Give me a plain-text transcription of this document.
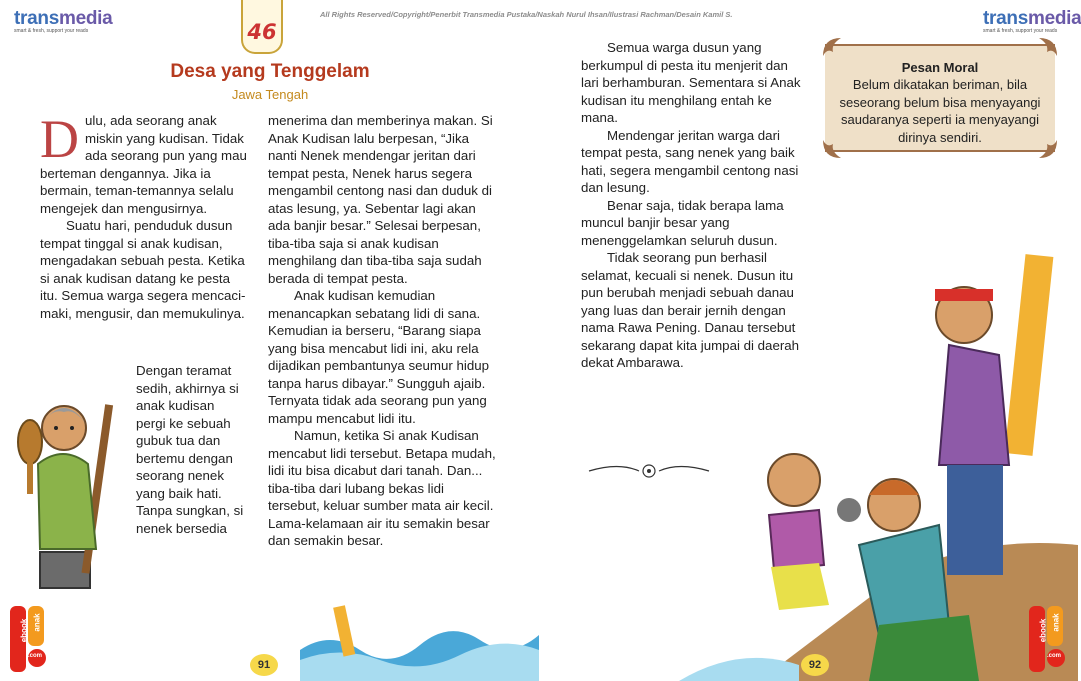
transmedia
smart & fresh, support your reads
All Rights Reserved/Copyright/Penerbit Transmedia Pustaka/Naskah Nurul Ihsan/Ilustrasi Rachman/Desain Kamil S.
46
Desa yang Tenggelam
Jawa Tengah

Dulu, ada seorang anak miskin yang kudisan. Tidak ada seorang pun yang mau berteman dengannya. Jika ia bermain, teman-temannya selalu mengejek dan mengusirnya.

Suatu hari, penduduk dusun tempat tinggal si anak kudisan, mengadakan sebuah pesta. Ketika si anak kudisan datang ke pesta itu. Semua warga segera mencaci-maki, mengusir, dan memukulinya.

Dengan teramat sedih, akhirnya si anak kudisan pergi ke sebuah gubuk tua dan bertemu dengan seorang nenek yang baik hati. Tanpa sungkan, si nenek bersedia

menerima dan memberinya makan. Si Anak Kudisan lalu berpesan, “Jika nanti Nenek mendengar jeritan dari tempat pesta, Nenek harus segera mengambil centong nasi dan duduk di atas lesung, ya. Sebentar lagi akan ada banjir besar.” Selesai berpesan, tiba-tiba saja si anak kudisan menghilang dan tiba-tiba saja sudah berada di tempat pesta.

Anak kudisan kemudian menancapkan sebatang lidi di sana. Kemudian ia berseru, “Barang siapa yang bisa mencabut lidi ini, aku rela dijadikan pembantunya seumur hidup tanpa harus dibayar.” Sungguh ajaib. Ternyata tidak ada seorang pun yang mampu mencabut lidi itu.

Namun, ketika Si anak Kudisan mencabut lidi tersebut. Betapa mudah, lidi itu bisa dicabut dari tanah. Dan... tiba-tiba dari lubang bekas lidi tersebut, keluar sumber mata air kecil. Lama-kelamaan air itu semakin besar dan semakin besar.

91
ebook anak
.com
transmedia
smart & fresh, support your reads

Semua warga dusun yang berkumpul di pesta itu menjerit dan lari berhamburan. Sementara si Anak kudisan itu menghilang entah ke mana.

Mendengar jeritan warga dari tempat pesta, sang nenek yang baik hati, segera mengambil centong nasi dan lesung.

Benar saja, tidak berapa lama muncul banjir besar yang menenggelamkan seluruh dusun.

Tidak seorang pun berhasil selamat, kecuali si nenek. Dusun itu pun berubah menjadi sebuah danau yang luas dan berair jernih dengan nama Rawa Pening. Danau tersebut sekarang dapat kita jumpai di daerah dekat Ambarawa.

Pesan Moral
Belum dikatakan beriman, bila seseorang belum bisa menyayangi saudaranya seperti ia menyayangi dirinya sendiri.
92
ebook anak
.com
